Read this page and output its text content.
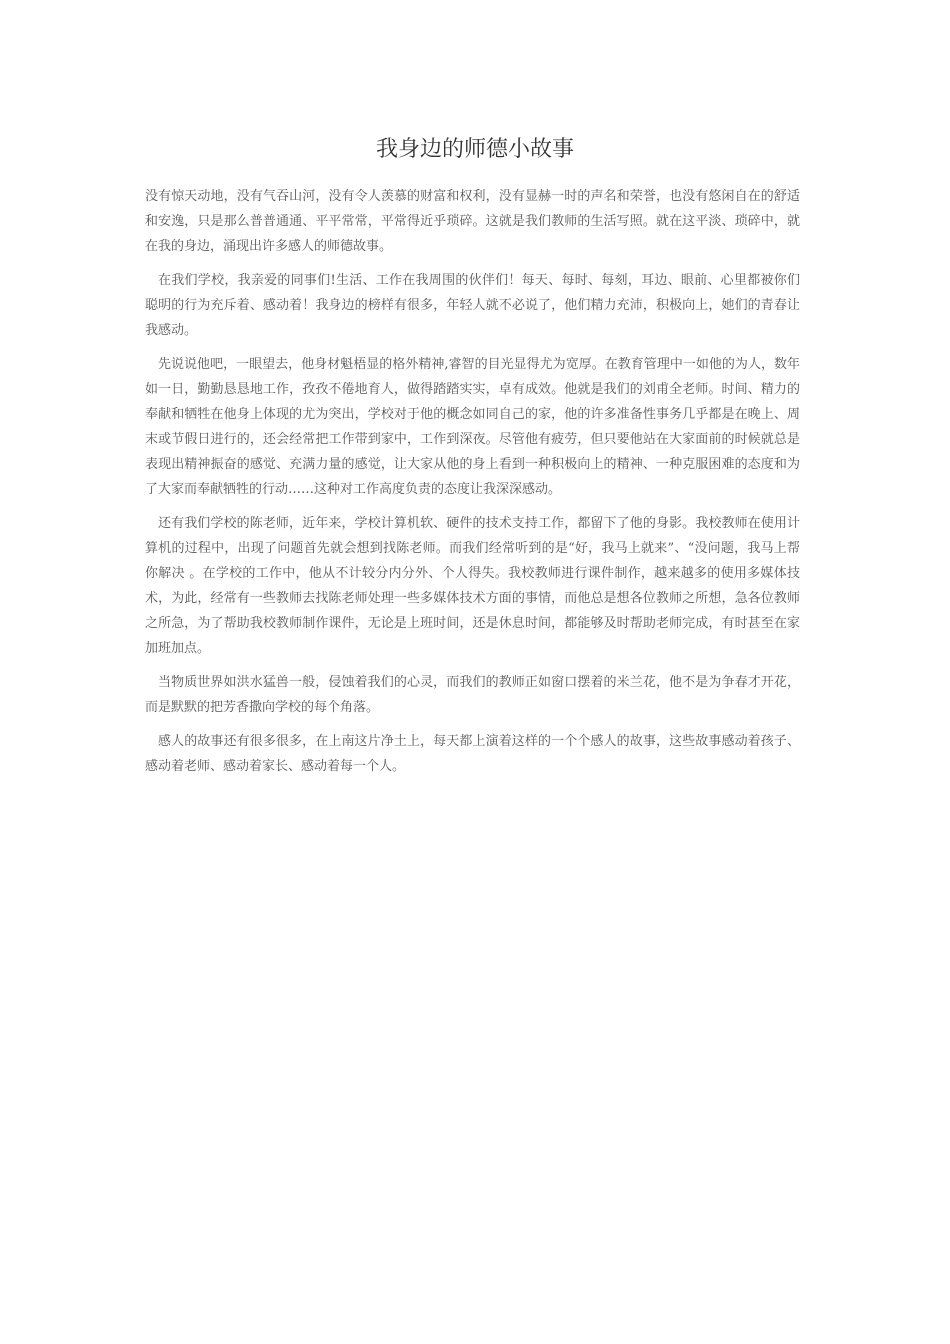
我身边的师德小故事

没有惊天动地，没有气吞山河，没有令人羡慕的财富和权利，没有显赫一时的声名和荣誉，也没有悠闲自在的舒适和安逸，只是那么普普通通、平平常常，平常得近乎琐碎。这就是我们教师的生活写照。就在这平淡、琐碎中，就在我的身边，涌现出许多感人的师德故事。

在我们学校，我亲爱的同事们!生活、工作在我周围的伙伴们！每天、每时、每刻，耳边、眼前、心里都被你们聪明的行为充斥着、感动着！我身边的榜样有很多，年轻人就不必说了，他们精力充沛，积极向上，她们的青春让我感动。

先说说他吧，一眼望去，他身材魁梧显的格外精神,睿智的目光显得尤为宽厚。在教育管理中一如他的为人，数年如一日，勤勤恳恳地工作，孜孜不倦地育人，做得踏踏实实，卓有成效。他就是我们的刘甫全老师。时间、精力的奉献和牺牲在他身上体现的尤为突出，学校对于他的概念如同自己的家，他的许多准备性事务几乎都是在晚上、周末或节假日进行的，还会经常把工作带到家中，工作到深夜。尽管他有疲劳，但只要他站在大家面前的时候就总是表现出精神振奋的感觉、充满力量的感觉，让大家从他的身上看到一种积极向上的精神、一种克服困难的态度和为了大家而奉献牺牲的行动……这种对工作高度负责的态度让我深深感动。

还有我们学校的陈老师，近年来，学校计算机软、硬件的技术支持工作，都留下了他的身影。我校教师在使用计算机的过程中，出现了问题首先就会想到找陈老师。而我们经常听到的是“好，我马上就来”、“没问题，我马上帮你解决 。在学校的工作中，他从不计较分内分外、个人得失。我校教师进行课件制作，越来越多的使用多媒体技术，为此，经常有一些教师去找陈老师处理一些多媒体技术方面的事情，而他总是想各位教师之所想，急各位教师之所急，为了帮助我校教师制作课件，无论是上班时间，还是休息时间，都能够及时帮助老师完成，有时甚至在家加班加点。

当物质世界如洪水猛兽一般，侵蚀着我们的心灵，而我们的教师正如窗口摆着的米兰花，他不是为争春才开花，而是默默的把芳香撒向学校的每个角落。

感人的故事还有很多很多，在上南这片净土上，每天都上演着这样的一个个感人的故事，这些故事感动着孩子、感动着老师、感动着家长、感动着每一个人。
